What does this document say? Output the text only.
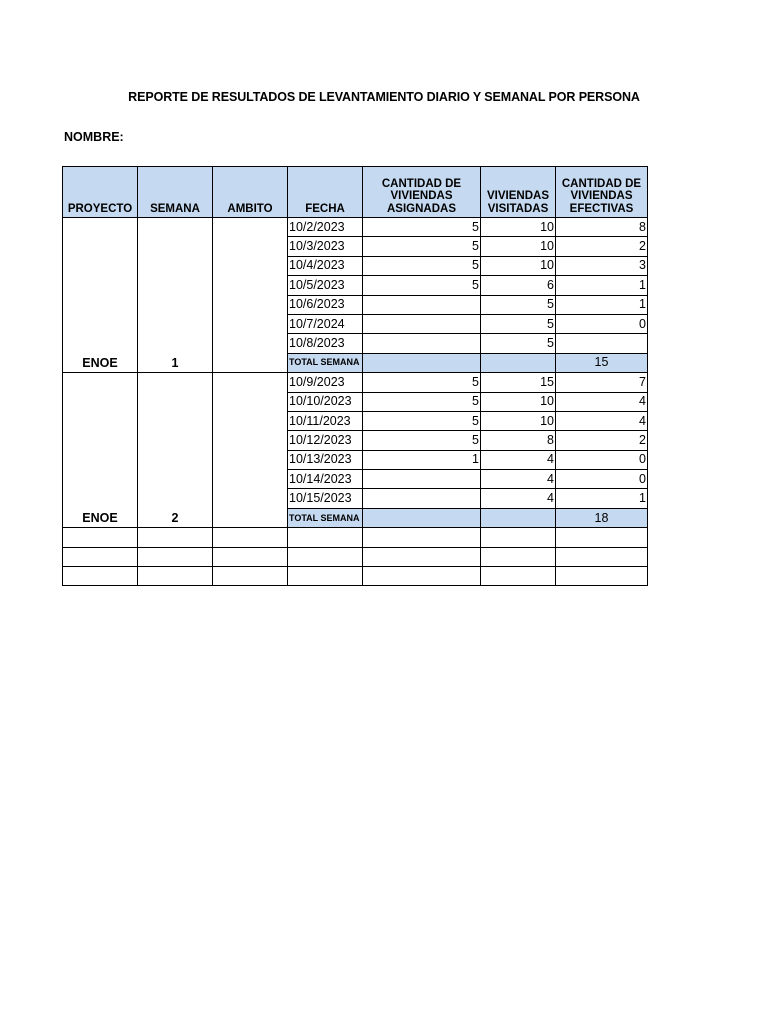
REPORTE DE RESULTADOS DE LEVANTAMIENTO DIARIO Y SEMANAL POR PERSONA
NOMBRE:
PROYECTO	SEMANA	AMBITO	FECHA	CANTIDAD DE VIVIENDAS ASIGNADAS	VIVIENDAS VISITADAS	CANTIDAD DE VIVIENDAS EFECTIVAS
ENOE	1		10/2/2023	5	10	8
			10/3/2023	5	10	2
			10/4/2023	5	10	3
			10/5/2023	5	6	1
			10/6/2023		5	1
			10/7/2024		5	0
			10/8/2023		5	
			TOTAL SEMANA			15
ENOE	2		10/9/2023	5	15	7
			10/10/2023	5	10	4
			10/11/2023	5	10	4
			10/12/2023	5	8	2
			10/13/2023	1	4	0
			10/14/2023		4	0
			10/15/2023		4	1
			TOTAL SEMANA			18
